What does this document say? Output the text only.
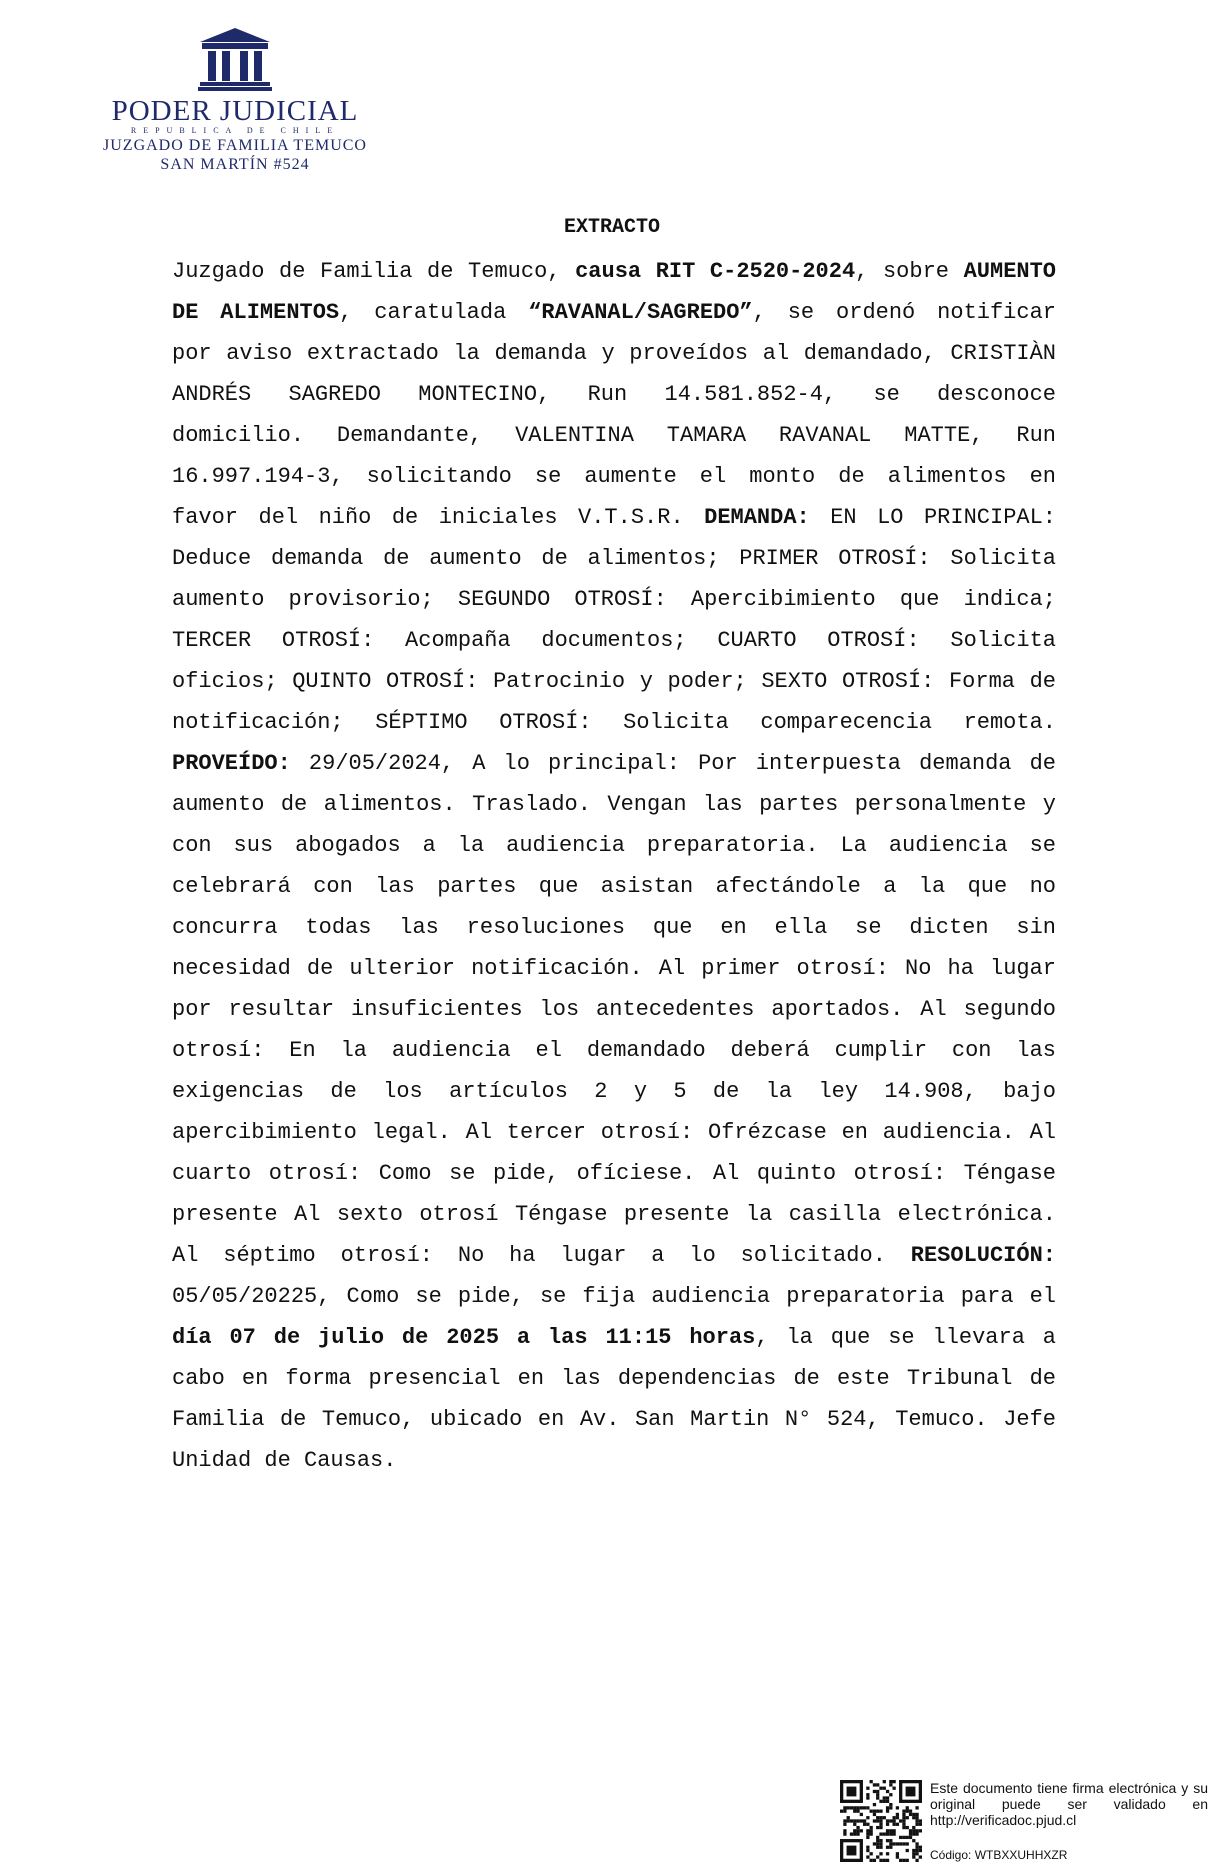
PODER JUDICIAL
REPUBLICA DE CHILE
JUZGADO DE FAMILIA TEMUCO
SAN MARTÍN #524
EXTRACTO

Juzgado de Familia de Temuco, causa RIT C-2520-2024, sobre AUMENTO DE ALIMENTOS, caratulada “RAVANAL/SAGREDO”, se ordenó notificar por aviso extractado la demanda y proveídos al demandado, CRISTIÀN ANDRÉS SAGREDO MONTECINO, Run 14.581.852-4, se desconoce domicilio. Demandante, VALENTINA TAMARA RAVANAL MATTE, Run 16.997.194-3, solicitando se aumente el monto de alimentos en favor del niño de iniciales V.T.S.R. DEMANDA: EN LO PRINCIPAL: Deduce demanda de aumento de alimentos; PRIMER OTROSÍ: Solicita aumento provisorio; SEGUNDO OTROSÍ: Apercibimiento que indica; TERCER OTROSÍ: Acompaña documentos; CUARTO OTROSÍ: Solicita oficios; QUINTO OTROSÍ: Patrocinio y poder; SEXTO OTROSÍ: Forma de notificación; SÉPTIMO OTROSÍ: Solicita comparecencia remota. PROVEÍDO: 29/05/2024, A lo principal: Por interpuesta demanda de aumento de alimentos. Traslado. Vengan las partes personalmente y con sus abogados a la audiencia preparatoria. La audiencia se celebrará con las partes que asistan afectándole a la que no concurra todas las resoluciones que en ella se dicten sin necesidad de ulterior notificación. Al primer otrosí: No ha lugar por resultar insuficientes los antecedentes aportados. Al segundo otrosí: En la audiencia el demandado deberá cumplir con las exigencias de los artículos 2 y 5 de la ley 14.908, bajo apercibimiento legal. Al tercer otrosí: Ofrézcase en audiencia. Al cuarto otrosí: Como se pide, ofíciese. Al quinto otrosí: Téngase presente Al sexto otrosí Téngase presente la casilla electrónica. Al séptimo otrosí: No ha lugar a lo solicitado. RESOLUCIÓN: 05/05/20225, Como se pide, se fija audiencia preparatoria para el día 07 de julio de 2025 a las 11:15 horas, la que se llevara a cabo en forma presencial en las dependencias de este Tribunal de Familia de Temuco, ubicado en Av. San Martin N° 524, Temuco. Jefe Unidad de Causas.

Este documento tiene firma electrónica y su original puede ser validado en http://verificadoc.pjud.cl
Código: WTBXXUHHXZR
